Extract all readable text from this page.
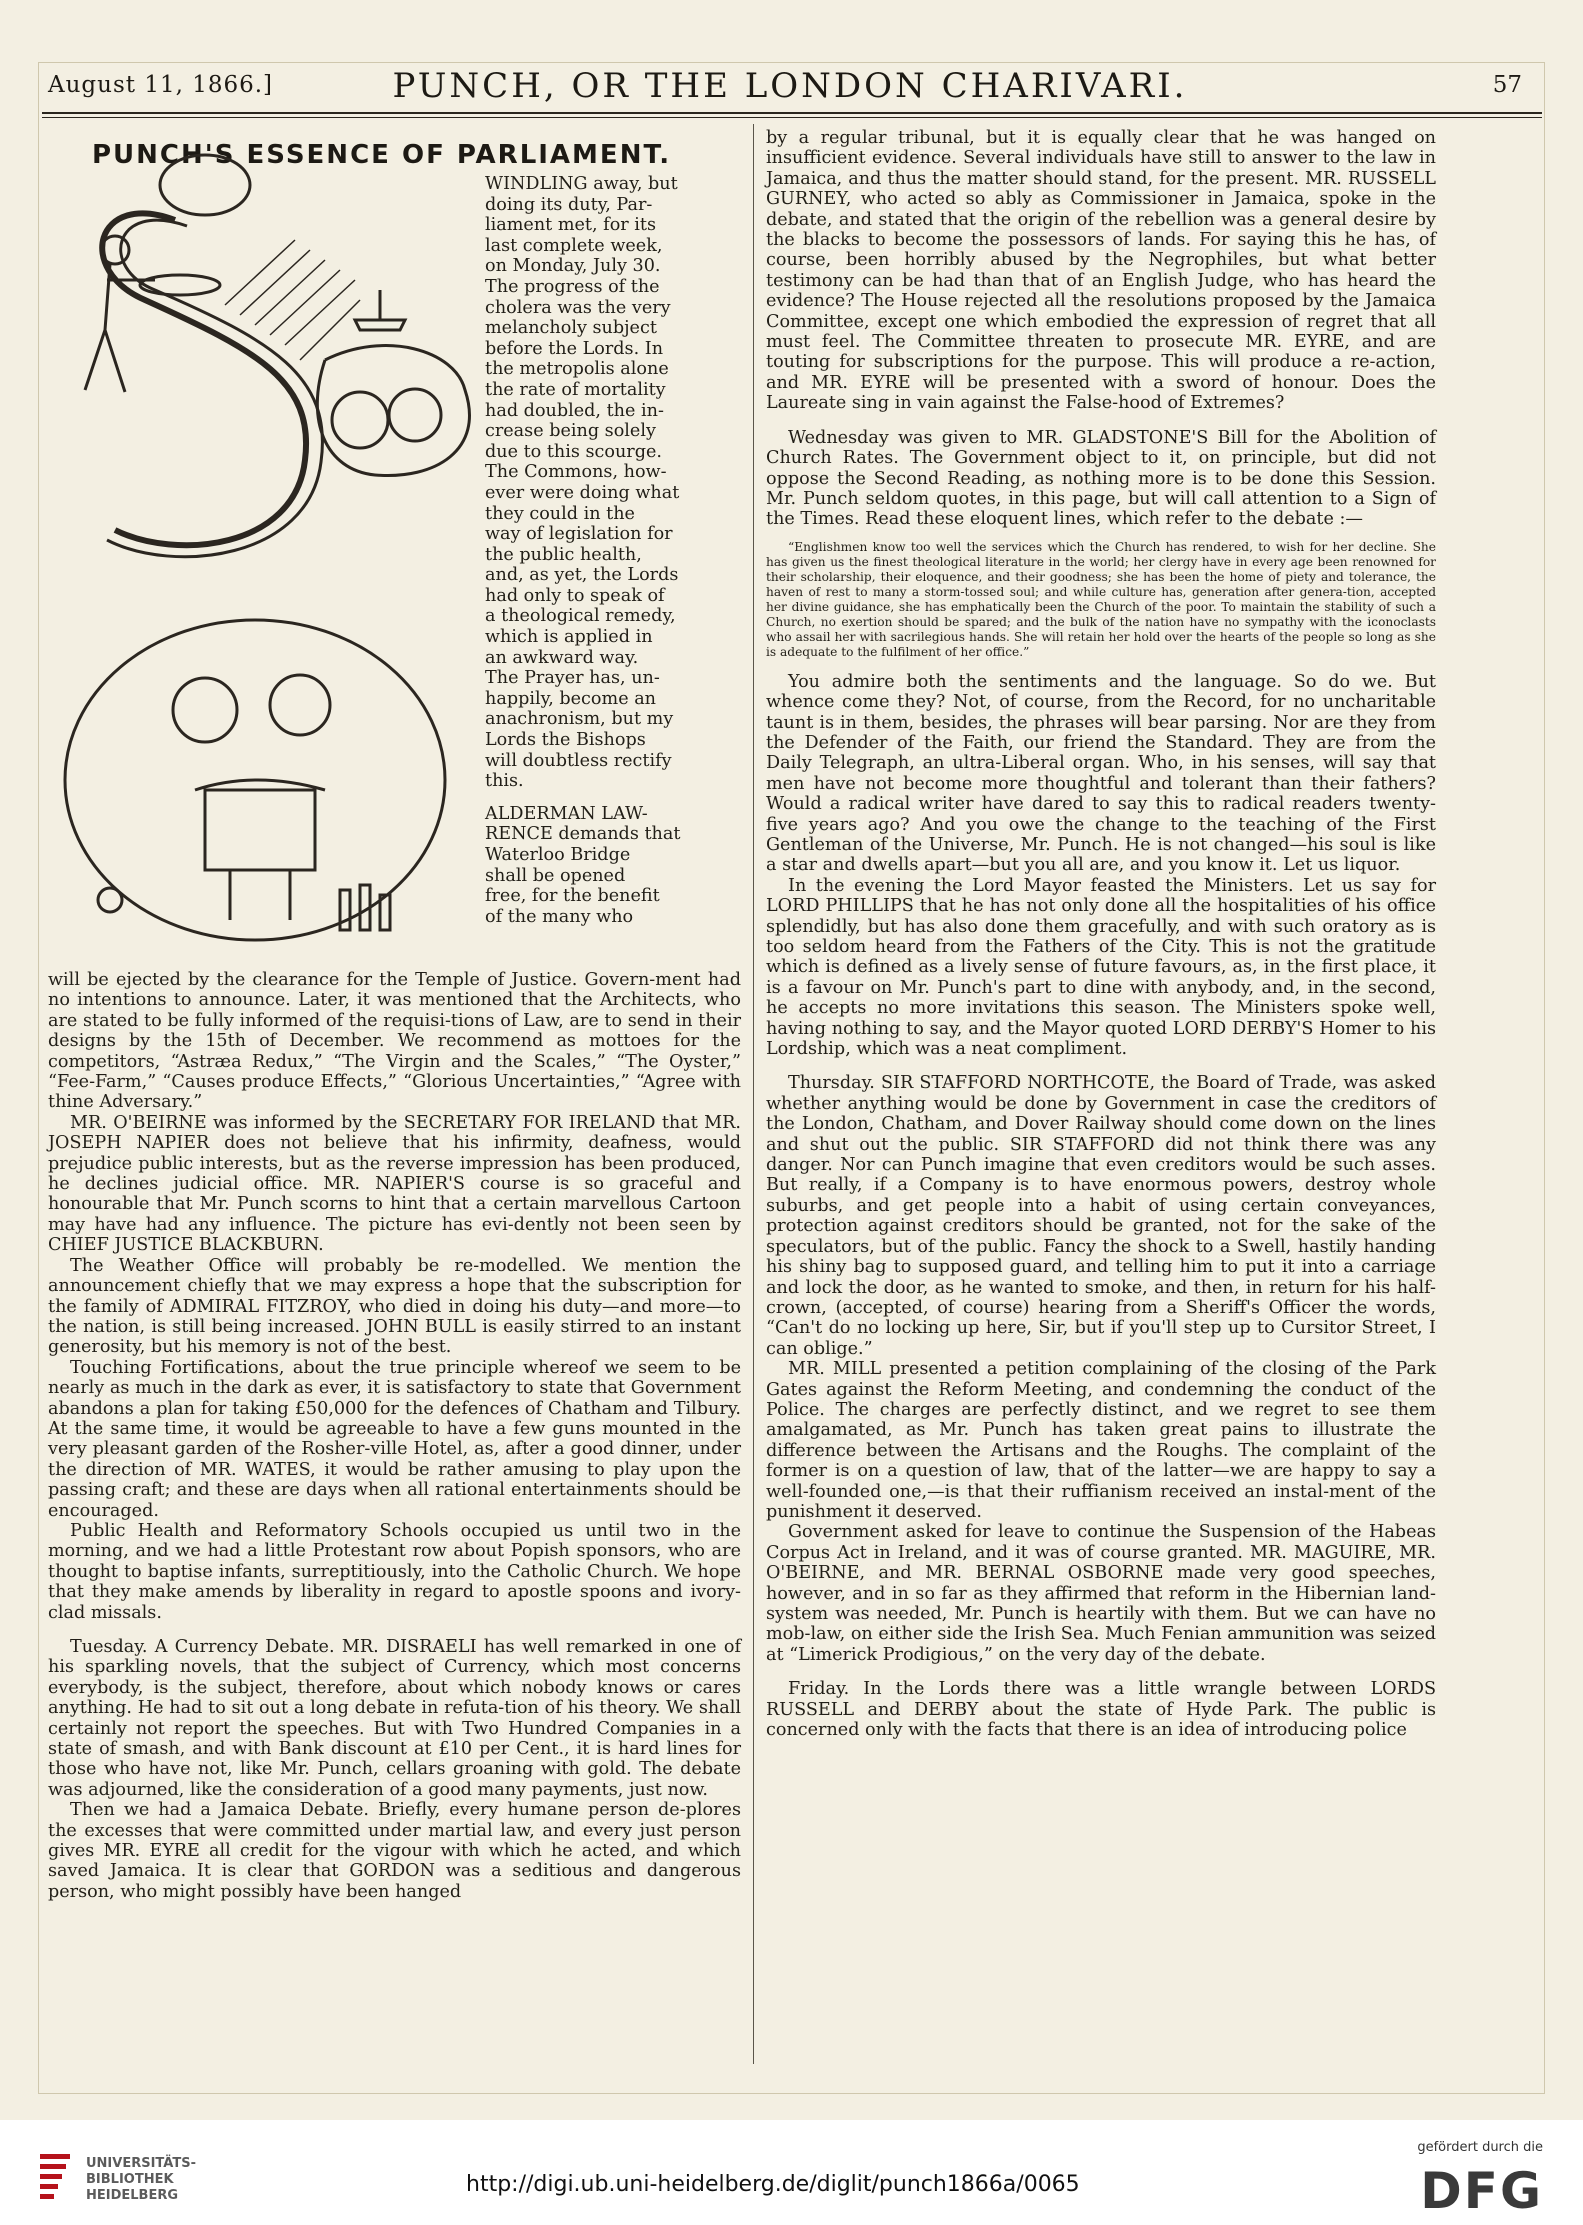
August 11, 1866.]	PUNCH, OR THE LONDON CHARIVARI.	57
PUNCH'S ESSENCE OF PARLIAMENT.
WINDLING away, but
doing its duty, Par-
liament met, for its
last complete week,
on Monday, July 30.
The progress of the
cholera was the very
melancholy subject
before the Lords. In
the metropolis alone
the rate of mortality
had doubled, the in-
crease being solely
due to this scourge.
The Commons, how-
ever were doing what
they could in the
way of legislation for
the public health,
and, as yet, the Lords
had only to speak of
a theological remedy,
which is applied in
an awkward way.
The Prayer has, un-
happily, become an
anachronism, but my
Lords the Bishops
will doubtless rectify
this.
ALDERMAN LAW-
RENCE demands that
Waterloo Bridge
shall be opened
free, for the benefit
of the many who

will be ejected by the clearance for the Temple of Justice. Govern-ment had no intentions to announce. Later, it was mentioned that the Architects, who are stated to be fully informed of the requisi-tions of Law, are to send in their designs by the 15th of December. We recommend as mottoes for the competitors, “Astræa Redux,” “The Virgin and the Scales,” “The Oyster,” “Fee-Farm,” “Causes produce Effects,” “Glorious Uncertainties,” “Agree with thine Adversary.”

MR. O'BEIRNE was informed by the SECRETARY FOR IRELAND that MR. JOSEPH NAPIER does not believe that his infirmity, deafness, would prejudice public interests, but as the reverse impression has been produced, he declines judicial office. MR. NAPIER'S course is so graceful and honourable that Mr. Punch scorns to hint that a certain marvellous Cartoon may have had any influence. The picture has evi-dently not been seen by CHIEF JUSTICE BLACKBURN.

The Weather Office will probably be re-modelled. We mention the announcement chiefly that we may express a hope that the subscription for the family of ADMIRAL FITZROY, who died in doing his duty—and more—to the nation, is still being increased. JOHN BULL is easily stirred to an instant generosity, but his memory is not of the best.

Touching Fortifications, about the true principle whereof we seem to be nearly as much in the dark as ever, it is satisfactory to state that Government abandons a plan for taking £50,000 for the defences of Chatham and Tilbury. At the same time, it would be agreeable to have a few guns mounted in the very pleasant garden of the Rosher-ville Hotel, as, after a good dinner, under the direction of MR. WATES, it would be rather amusing to play upon the passing craft; and these are days when all rational entertainments should be encouraged.

Public Health and Reformatory Schools occupied us until two in the morning, and we had a little Protestant row about Popish sponsors, who are thought to baptise infants, surreptitiously, into the Catholic Church. We hope that they make amends by liberality in regard to apostle spoons and ivory-clad missals.

Tuesday. A Currency Debate. MR. DISRAELI has well remarked in one of his sparkling novels, that the subject of Currency, which most concerns everybody, is the subject, therefore, about which nobody knows or cares anything. He had to sit out a long debate in refuta-tion of his theory. We shall certainly not report the speeches. But with Two Hundred Companies in a state of smash, and with Bank discount at £10 per Cent., it is hard lines for those who have not, like Mr. Punch, cellars groaning with gold. The debate was adjourned, like the consideration of a good many payments, just now.

Then we had a Jamaica Debate. Briefly, every humane person de-plores the excesses that were committed under martial law, and every just person gives MR. EYRE all credit for the vigour with which he acted, and which saved Jamaica. It is clear that GORDON was a seditious and dangerous person, who might possibly have been hanged

by a regular tribunal, but it is equally clear that he was hanged on insufficient evidence. Several individuals have still to answer to the law in Jamaica, and thus the matter should stand, for the present. MR. RUSSELL GURNEY, who acted so ably as Commissioner in Jamaica, spoke in the debate, and stated that the origin of the rebellion was a general desire by the blacks to become the possessors of lands. For saying this he has, of course, been horribly abused by the Negrophiles, but what better testimony can be had than that of an English Judge, who has heard the evidence? The House rejected all the resolutions proposed by the Jamaica Committee, except one which embodied the expression of regret that all must feel. The Committee threaten to prosecute MR. EYRE, and are touting for subscriptions for the purpose. This will produce a re-action, and MR. EYRE will be presented with a sword of honour. Does the Laureate sing in vain against the False-hood of Extremes?

Wednesday was given to MR. GLADSTONE'S Bill for the Abolition of Church Rates. The Government object to it, on principle, but did not oppose the Second Reading, as nothing more is to be done this Session. Mr. Punch seldom quotes, in this page, but will call attention to a Sign of the Times. Read these eloquent lines, which refer to the debate :—

“Englishmen know too well the services which the Church has rendered, to wish for her decline. She has given us the finest theological literature in the world; her clergy have in every age been renowned for their scholarship, their eloquence, and their goodness; she has been the home of piety and tolerance, the haven of rest to many a storm-tossed soul; and while culture has, generation after genera-tion, accepted her divine guidance, she has emphatically been the Church of the poor. To maintain the stability of such a Church, no exertion should be spared; and the bulk of the nation have no sympathy with the iconoclasts who assail her with sacrilegious hands. She will retain her hold over the hearts of the people so long as she is adequate to the fulfilment of her office.”

You admire both the sentiments and the language. So do we. But whence come they? Not, of course, from the Record, for no uncharitable taunt is in them, besides, the phrases will bear parsing. Nor are they from the Defender of the Faith, our friend the Standard. They are from the Daily Telegraph, an ultra-Liberal organ. Who, in his senses, will say that men have not become more thoughtful and tolerant than their fathers? Would a radical writer have dared to say this to radical readers twenty-five years ago? And you owe the change to the teaching of the First Gentleman of the Universe, Mr. Punch. He is not changed—his soul is like a star and dwells apart—but you all are, and you know it. Let us liquor.

In the evening the Lord Mayor feasted the Ministers. Let us say for LORD PHILLIPS that he has not only done all the hospitalities of his office splendidly, but has also done them gracefully, and with such oratory as is too seldom heard from the Fathers of the City. This is not the gratitude which is defined as a lively sense of future favours, as, in the first place, it is a favour on Mr. Punch's part to dine with anybody, and, in the second, he accepts no more invitations this season. The Ministers spoke well, having nothing to say, and the Mayor quoted LORD DERBY'S Homer to his Lordship, which was a neat compliment.

Thursday. SIR STAFFORD NORTHCOTE, the Board of Trade, was asked whether anything would be done by Government in case the creditors of the London, Chatham, and Dover Railway should come down on the lines and shut out the public. SIR STAFFORD did not think there was any danger. Nor can Punch imagine that even creditors would be such asses. But really, if a Company is to have enormous powers, destroy whole suburbs, and get people into a habit of using certain conveyances, protection against creditors should be granted, not for the sake of the speculators, but of the public. Fancy the shock to a Swell, hastily handing his shiny bag to supposed guard, and telling him to put it into a carriage and lock the door, as he wanted to smoke, and then, in return for his half-crown, (accepted, of course) hearing from a Sheriff's Officer the words, “Can't do no locking up here, Sir, but if you'll step up to Cursitor Street, I can oblige.”

MR. MILL presented a petition complaining of the closing of the Park Gates against the Reform Meeting, and condemning the conduct of the Police. The charges are perfectly distinct, and we regret to see them amalgamated, as Mr. Punch has taken great pains to illustrate the difference between the Artisans and the Roughs. The complaint of the former is on a question of law, that of the latter—we are happy to say a well-founded one,—is that their ruffianism received an instal-ment of the punishment it deserved.

Government asked for leave to continue the Suspension of the Habeas Corpus Act in Ireland, and it was of course granted. MR. MAGUIRE, MR. O'BEIRNE, and MR. BERNAL OSBORNE made very good speeches, however, and in so far as they affirmed that reform in the Hibernian land-system was needed, Mr. Punch is heartily with them. But we can have no mob-law, on either side the Irish Sea. Much Fenian ammunition was seized at “Limerick Prodigious,” on the very day of the debate.

Friday. In the Lords there was a little wrangle between LORDS RUSSELL and DERBY about the state of Hyde Park. The public is concerned only with the facts that there is an idea of introducing police

UNIVERSITÄTS-
BIBLIOTHEK
HEIDELBERG	http://digi.ub.uni-heidelberg.de/diglit/punch1866a/0065
gefördert durch die
DFG
